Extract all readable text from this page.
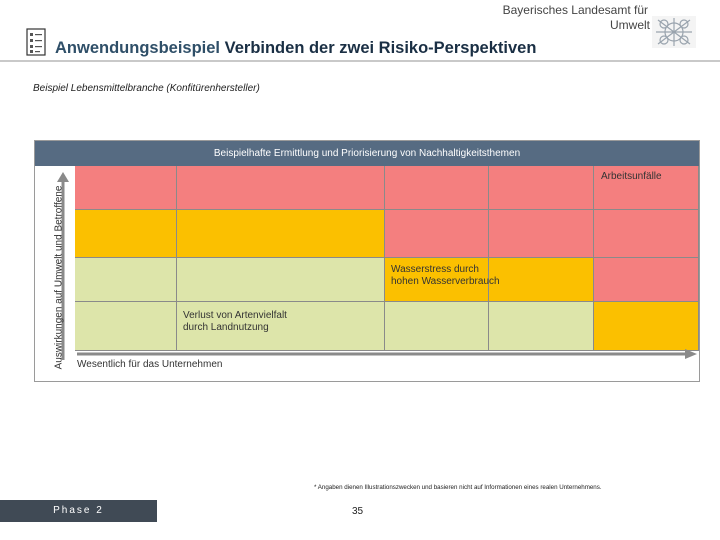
Bayerisches Landesamt für
Umwelt
Anwendungsbeispiel Verbinden der zwei Risiko-Perspektiven
Beispiel Lebensmittelbranche (Konfitürenhersteller)
Beispielhafte Ermittlung und Priorisierung von Nachhaltigkeitsthemen
Auswirkungen auf Umwelt und Betroffene
Arbeitsunfälle
Wasserstress durch hohen Wasserverbrauch
Verlust von Artenvielfalt durch Landnutzung
Wesentlich für das Unternehmen
* Angaben dienen Illustrationszwecken und basieren nicht auf Informationen eines realen Unternehmens.
Phase 2	35
